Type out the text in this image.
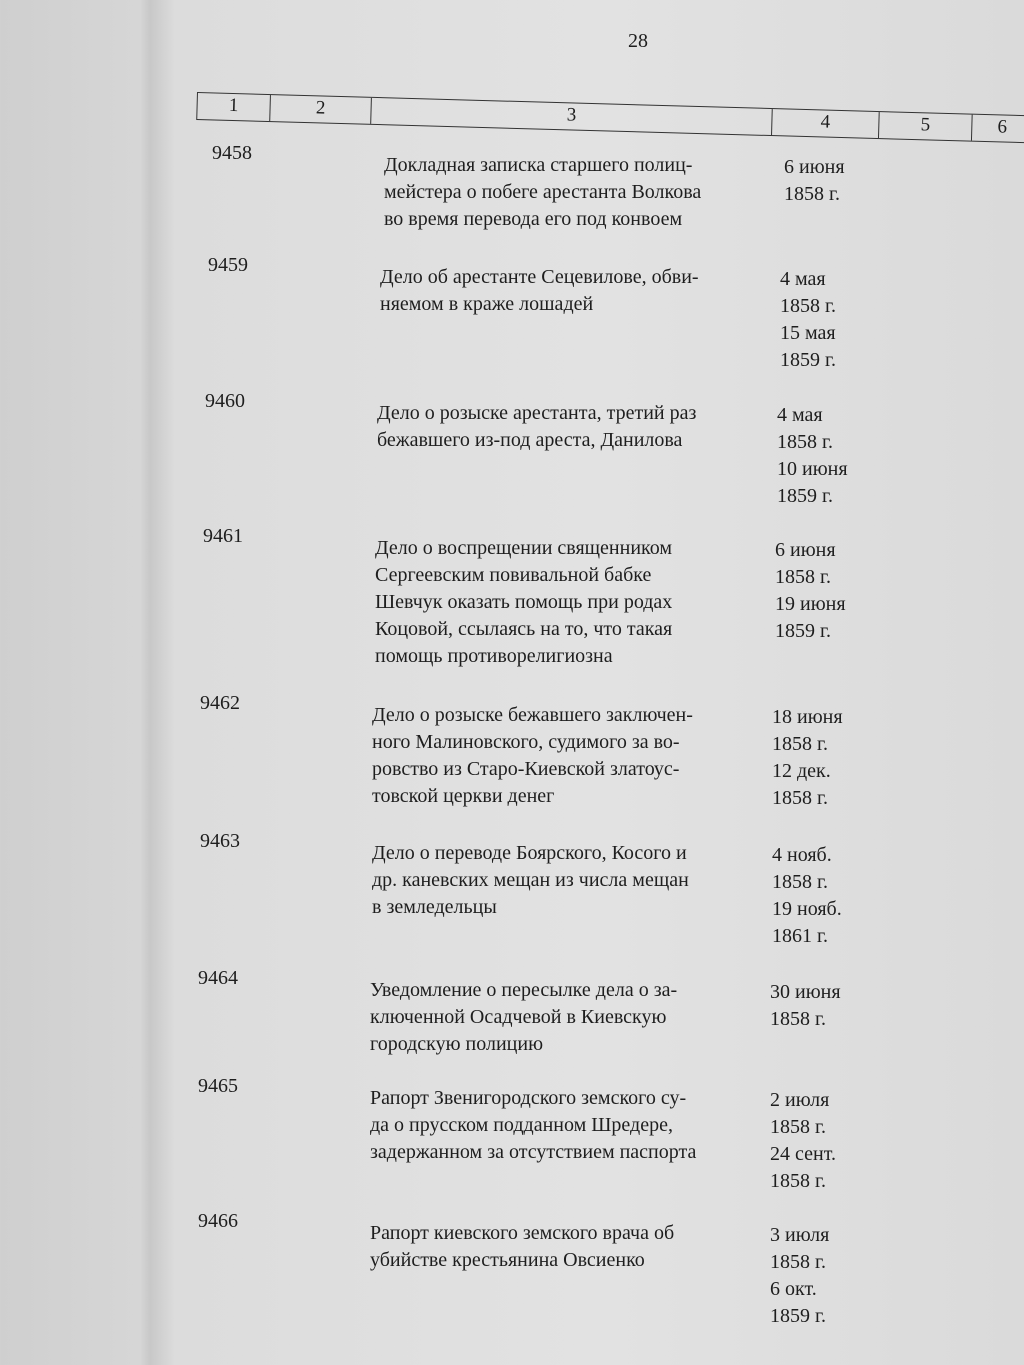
28
1	2	3	4	5	6
9458
Докладная записка старшего полиц-
мейстера о побеге арестанта Волкова
во время перевода его под конвоем
6 июня
1858 г.
9459
Дело об арестанте Сецевилове, обви-
няемом в краже лошадей
4 мая
1858 г.
15 мая
1859 г.
9460
Дело о розыске арестанта, третий раз
бежавшего из-под ареста, Данилова
4 мая
1858 г.
10 июня
1859 г.
9461
Дело о воспрещении священником
Сергеевским повивальной бабке
Шевчук оказать помощь при родах
Коцовой, ссылаясь на то, что такая
помощь противорелигиозна
6 июня
1858 г.
19 июня
1859 г.
9462
Дело о розыске бежавшего заключен-
ного Малиновского, судимого за во-
ровство из Старо-Киевской златоус-
товской церкви денег
18 июня
1858 г.
12 дек.
1858 г.
9463
Дело о переводе Боярского, Косого и
др. каневских мещан из числа мещан
в земледельцы
4 нояб.
1858 г.
19 нояб.
1861 г.
9464
Уведомление о пересылке дела о за-
ключенной Осадчевой в Киевскую
городскую полицию
30 июня
1858 г.
9465
Рапорт Звенигородского земского су-
да о прусском подданном Шредере,
задержанном за отсутствием паспорта
2 июля
1858 г.
24 сент.
1858 г.
9466
Рапорт киевского земского врача об
убийстве крестьянина Овсиенко
3 июля
1858 г.
6 окт.
1859 г.
